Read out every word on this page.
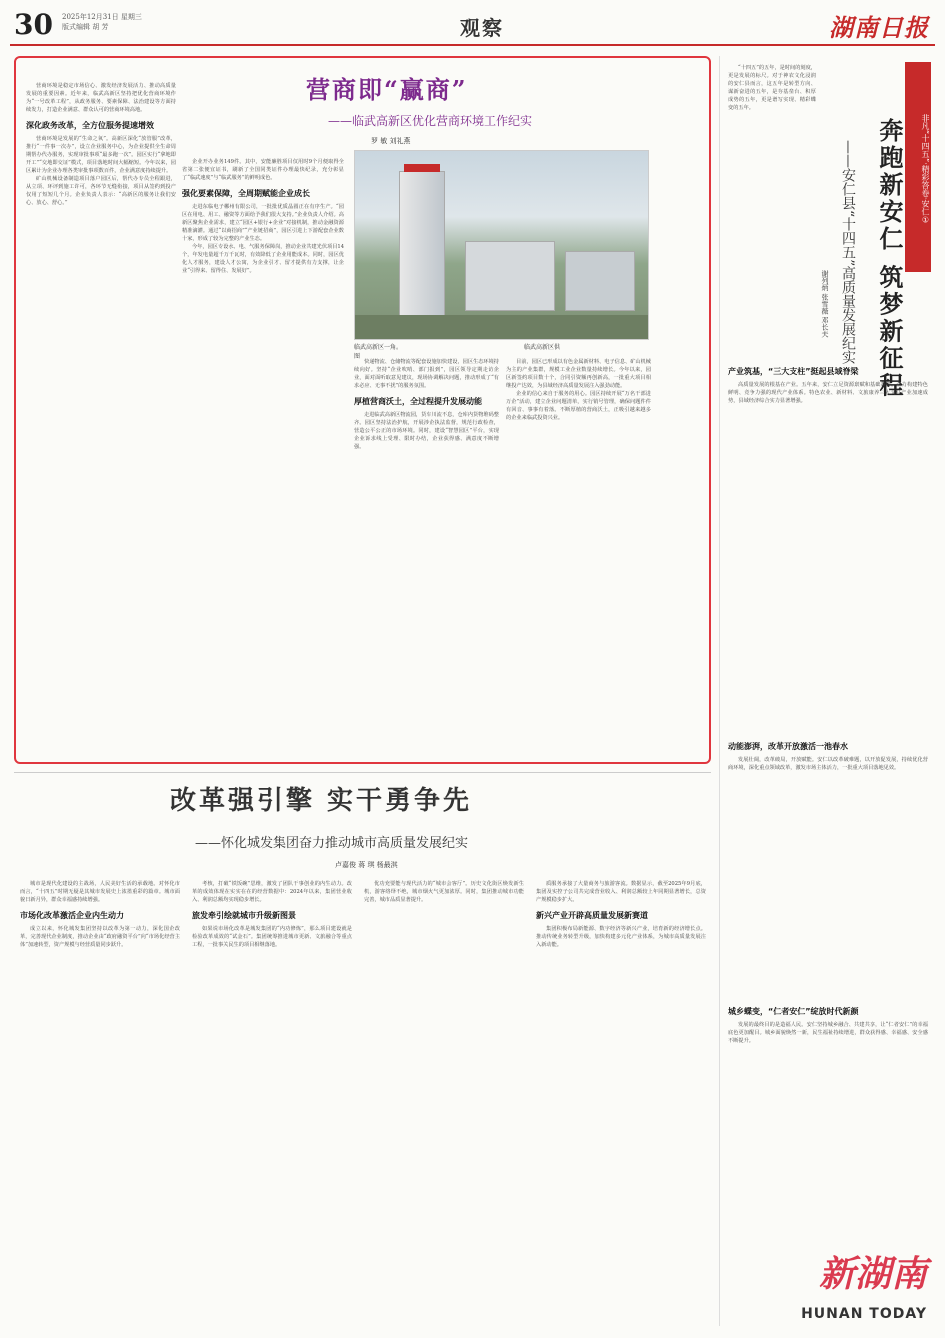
30 2025年12月31日 星期三
版式编辑 胡 芳	观察	湖南日报
营商即“赢商”
——临武高新区优化营商环境工作纪实
罗 敏 刘礼燕
临武高新区一角。	临武高新区供图

营商环境是稳定市场信心、激发经济发展活力、推动高质量发展的重要因素。近年来，临武高新区坚持把优化营商环境作为“一号改革工程”，从政务服务、要素保障、法治建设等方面持续发力，打造企业满意、群众认可的营商环境高地。

深化政务改革，全方位服务提速增效

营商环境是发展的“生命之氧”。高新区深化“放管服”改革，推行“一件事一次办”，设立企业服务中心，为企业提供全生命周期帮办代办服务，实现审批事项“最多跑一次”。园区实行“拿地即开工”“交地即交证”模式，项目落地时间大幅缩短。今年以来，园区累计为企业办理各类审批事项数百件，企业满意度持续提升。

矿山机械设备制造项目落户园区后，帮代办专员全程跟进，从立项、环评到施工许可，各环节无缝衔接，项目从签约到投产仅用了短短几个月。企业负责人表示：“高新区的服务让我们安心、放心、舒心。”

企业开办业务149件。其中，安能廉胜项目仅用时9个月便取得全省第二张便宜证书，刷新了全国同类证件办理最快纪录，充分彰显了“临武速度”与“临武服务”的鲜明成色。

强化要素保障，全周期赋能企业成长

走进东临电子郴州有限公司，一批批优质晶圆正在有序生产。“园区在用电、用工、融资等方面给予我们很大支持。”企业负责人介绍。高新区聚焦企业需求，建立“园区+银行+企业”对接机制，推动金融资源精准滴灌。通过“以商招商”“产业链招商”，园区引进上下游配套企业数十家，形成了较为完整的产业生态。

今年，园区专设水、电、气服务保障岗，推动企业共建光伏项目14个，年发电量超千万千瓦时，有效降低了企业用能成本。同时，园区优化人才服务，建设人才公寓，为企业引才、留才提供有力支撑，让企业“引得来、留得住、发展好”。

快递物流、仓储物流等配套设施加快建设，园区生态环境持续向好。坚持“企业吹哨、部门报到”，园区领导定期走访企业，面对面听取意见建议，现场协调解决问题，推动形成了“有求必应、无事不扰”的服务氛围。

厚植营商沃土，全过程提升发展动能

走进临武高新区物流园，货车川流不息，仓库内货物堆码整齐。园区坚持法治护航，开展涉企执法监督，规范行政检查，营造公平公正的市场环境。同时，建设“智慧园区”平台，实现企业诉求线上受理、限时办结，企业获得感、满意度不断增强。

目前，园区已形成以有色金属新材料、电子信息、矿山机械为主的产业集群，规模工业企业数量持续增长。今年以来，园区新签约项目数十个，合同引资额再创新高，一批重大项目相继投产达效，为县域经济高质量发展注入强劲动能。

企业的信心来自于服务的用心。园区持续开展“万名干部进万企”活动，建立企业问题清单，实行销号管理，确保问题件件有回音、事事有着落。不断厚植的营商沃土，正吸引越来越多的企业来临武投资兴业。

改革强引擎 实干勇争先
——怀化城发集团奋力推动城市高质量发展纪实
卢嘉俊 蒋 琪 杨最淇

城市是现代化建设的主战场，人民美好生活的承载地。对怀化市而言，“十四五”时期无疑是其城市发展史上浓墨重彩的篇章。城市面貌日新月异，群众幸福感持续增强。

市场化改革激活企业内生动力

成立以来，怀化城发集团坚持以改革为第一动力，深化国企改革，完善现代企业制度，推动企业由“政府融资平台”向“市场化经营主体”加速转型，资产规模与经营质量同步跃升。

考核，打破“铁饭碗”思维，激发了团队干事创业的内生动力。改革的成效体现在实实在在的经营数据中：2024年以来，集团营业收入、利润总额均实现稳步增长。

旅发牵引绘就城市升级新图景

如果说市场化改革是城发集团的“内功修炼”，那么项目建设就是检验改革成效的“试金石”。集团统筹推进城市更新、文旅融合等重点工程，一批事关民生的项目相继落地。

优功充要能与现代活力的“城市会客厅”。历史文化街区焕发新生机，游客络绎不绝，城市烟火气更加浓厚。同时，集团推动城市功能完善，城市品质显著提升。

质服务承接了大量商务与旅游客流。数据显示，截至2025年9月底，集团及实控子公司共完成营业收入、利润总额较上年同期显著增长，总资产规模稳步扩大。

新兴产业开辟高质量发展新赛道

集团积极布局新能源、数字经济等新兴产业，培育新的经济增长点。推动传统业务转型升级，加快构建多元化产业体系，为城市高质量发展注入新动能。

非凡“十四五”·精彩答卷·安仁①
奔跑新安仁 筑梦新征程
——安仁县“十四五”高质量发展纪实
谢列炳 张雪薇 邓长夫

“十四五”的五年，是时间的刻度，更是发展的标尺。对于神农文化浸润的安仁县而言，这五年是转型方向、谋新奋进的五年，是夯基垒台、积厚成势的五年，更是谱写实现、精彩蝶变的五年。

产业筑基，“三大支柱”挺起县域脊梁

高质量发展的根基在产业。五年来，安仁立足资源禀赋和基础条件，全力构建特色鲜明、竞争力强的现代产业体系。特色农业、新材料、文旅康养三大支柱产业加速成势，县域经济综合实力显著增强。

动能澎湃，改革开放激活一池春水

发展壮阔，改革破局，开放赋能。安仁以改革破难题，以开放促发展，持续优化营商环境，深化重点领域改革，激发市场主体活力，一批重大项目落地见效。

城乡蝶变，“仁者安仁”绽放时代新颜

发展的最终目的是造福人民。安仁坚持城乡融合、共建共享，让“仁者安仁”的幸福底色更加醒目。城乡面貌焕然一新，民生福祉持续增进，群众获得感、幸福感、安全感不断提升。

新湖南
HUNAN TODAY
